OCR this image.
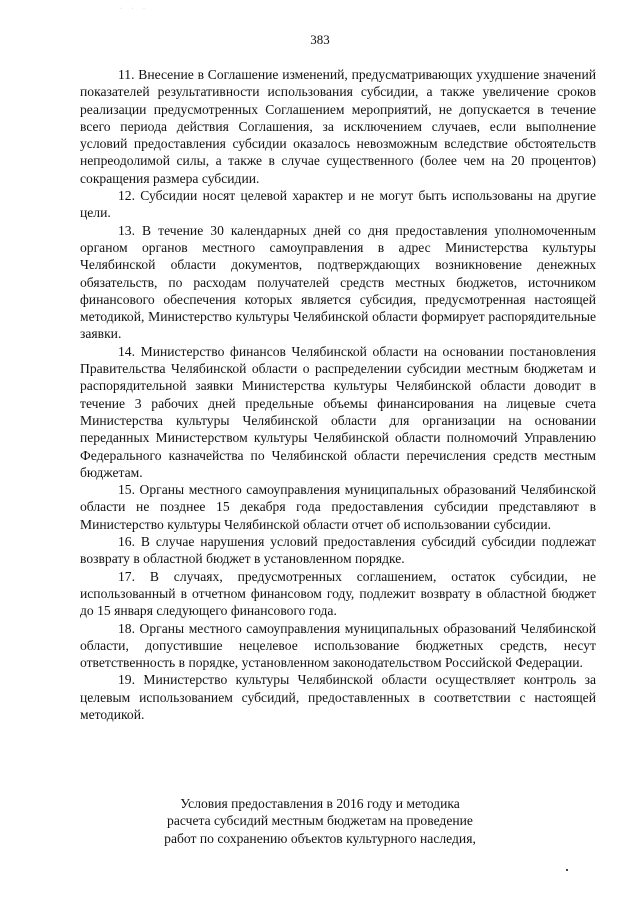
· · ·
383

11. Внесение в Соглашение изменений, предусматривающих ухудшение значений показателей результативности использования субсидии, а также увеличение сроков реализации предусмотренных Соглашением мероприятий, не допускается в течение всего периода действия Соглашения, за исключением случаев, если выполнение условий предоставления субсидии оказалось невозможным вследствие обстоятельств непреодолимой силы, а также в случае существенного (более чем на 20 процентов) сокращения размера субсидии.

12. Субсидии носят целевой характер и не могут быть использованы на другие цели.

13. В течение 30 календарных дней со дня предоставления уполномоченным органом органов местного самоуправления в адрес Министерства культуры Челябинской области документов, подтверждающих возникновение денежных обязательств, по расходам получателей средств местных бюджетов, источником финансового обеспечения которых является субсидия, предусмотренная настоящей методикой, Министерство культуры Челябинской области формирует распорядительные заявки.

14. Министерство финансов Челябинской области на основании постановления Правительства Челябинской области о распределении субсидии местным бюджетам и распорядительной заявки Министерства культуры Челябинской области доводит в течение 3 рабочих дней предельные объемы финансирования на лицевые счета Министерства культуры Челябинской области для организации на основании переданных Министерством культуры Челябинской области полномочий Управлению Федерального казначейства по Челябинской области перечисления средств местным бюджетам.

15. Органы местного самоуправления муниципальных образований Челябинской области не позднее 15 декабря года предоставления субсидии представляют в Министерство культуры Челябинской области отчет об использовании субсидии.

16. В случае нарушения условий предоставления субсидий субсидии подлежат возврату в областной бюджет в установленном порядке.

17. В случаях, предусмотренных соглашением, остаток субсидии, не использованный в отчетном финансовом году, подлежит возврату в областной бюджет до 15 января следующего финансового года.

18. Органы местного самоуправления муниципальных образований Челябинской области, допустившие нецелевое использование бюджетных средств, несут ответственность в порядке, установленном законодательством Российской Федерации.

19. Министерство культуры Челябинской области осуществляет контроль за целевым использованием субсидий, предоставленных в соответствии с настоящей методикой.

Условия предоставления в 2016 году и методика
расчета субсидий местным бюджетам на проведение
работ по сохранению объектов культурного наследия,
